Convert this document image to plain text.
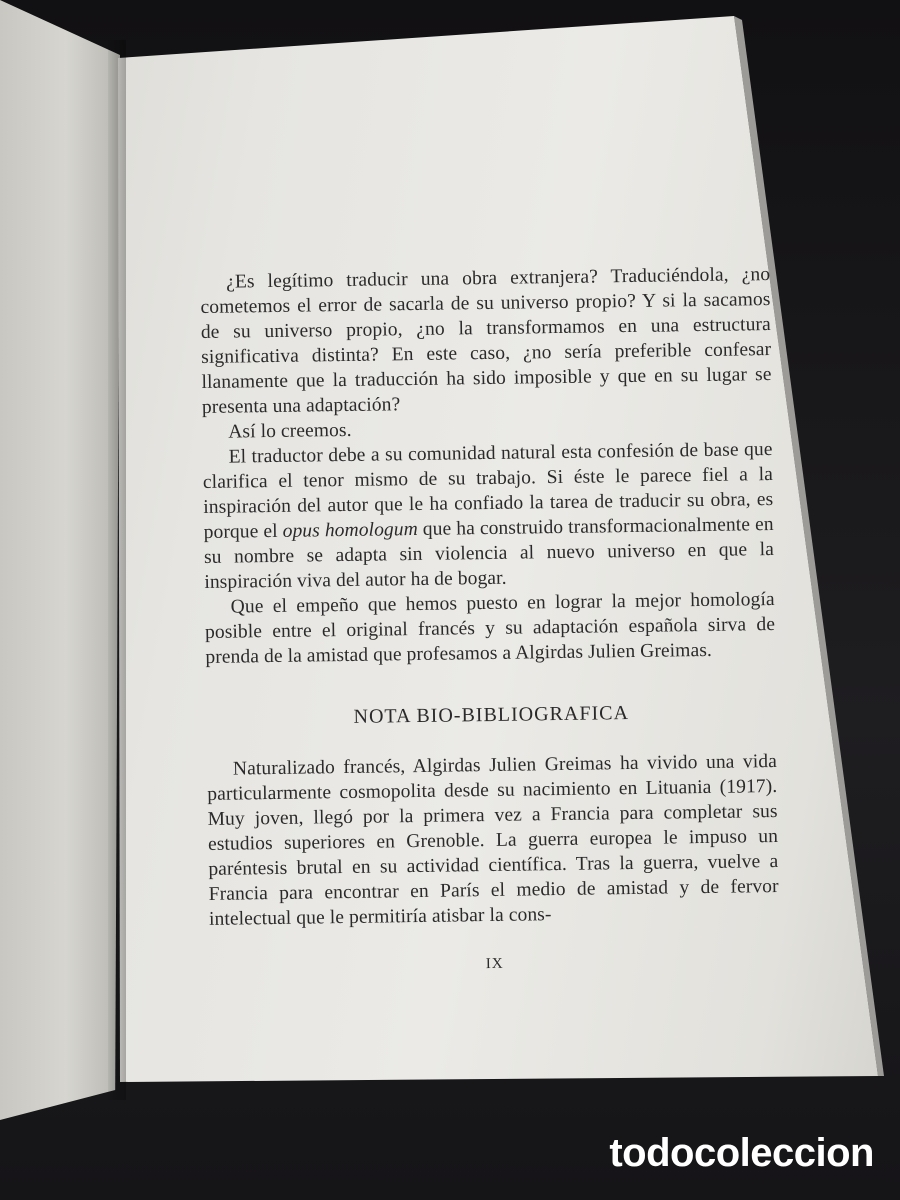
¿Es legítimo traducir una obra extranjera? Traduciéndola, ¿no cometemos el error de sacarla de su universo propio? Y si la sacamos de su universo propio, ¿no la transformamos en una estructura significativa distinta? En este caso, ¿no sería preferible confesar llanamente que la traducción ha sido imposible y que en su lugar se presenta una adaptación?

Así lo creemos.

El traductor debe a su comunidad natural esta confesión de base que clarifica el tenor mismo de su trabajo. Si éste le parece fiel a la inspiración del autor que le ha confiado la tarea de traducir su obra, es porque el opus homologum que ha construido transformacionalmente en su nombre se adapta sin violencia al nuevo universo en que la inspiración viva del autor ha de bogar.

Que el empeño que hemos puesto en lograr la mejor homología posible entre el original francés y su adaptación española sirva de prenda de la amistad que profesamos a Algirdas Julien Greimas.

NOTA BIO-BIBLIOGRAFICA

Naturalizado francés, Algirdas Julien Greimas ha vivido una vida particularmente cosmopolita desde su nacimiento en Lituania (1917). Muy joven, llegó por la primera vez a Francia para completar sus estudios superiores en Grenoble. La guerra europea le impuso un paréntesis brutal en su actividad científica. Tras la guerra, vuelve a Francia para encontrar en París el medio de amistad y de fervor intelectual que le permitiría atisbar la cons-

IX
todocoleccion
